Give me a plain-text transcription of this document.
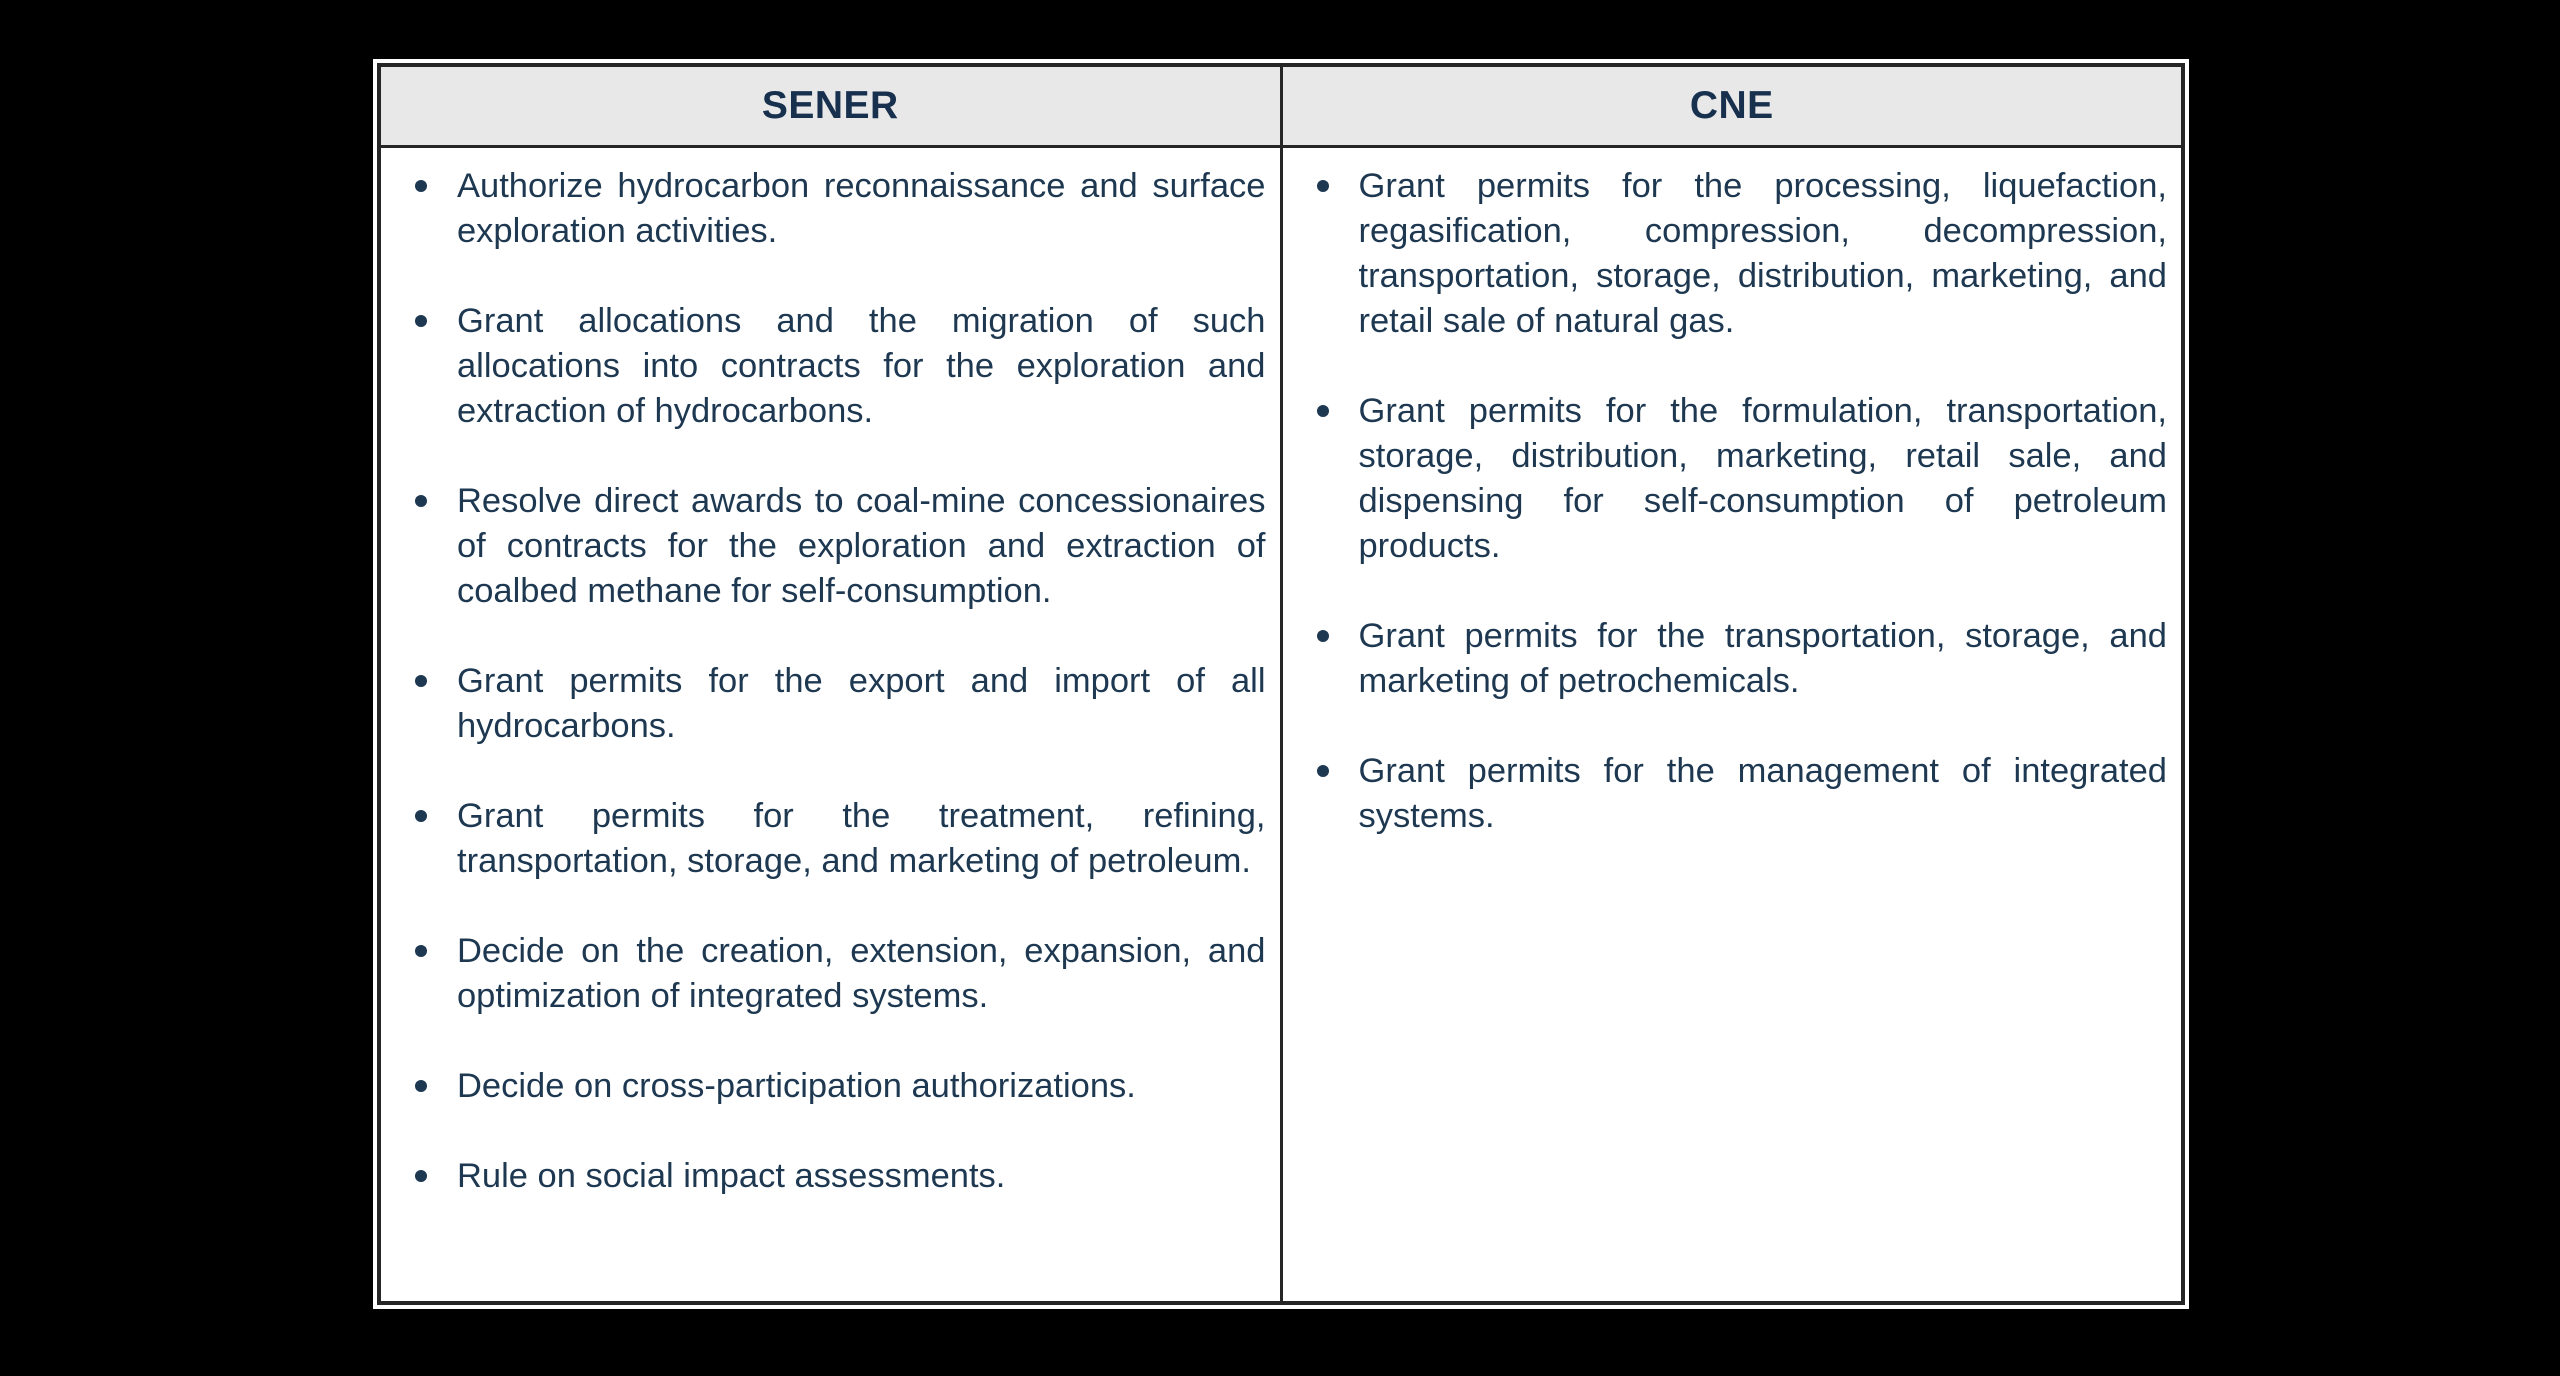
SENER	CNE
Authorize hydrocarbon reconnaissance and surface exploration activities.
Grant allocations and the migration of such allocations into contracts for the exploration and extraction of hydrocarbons.
Resolve direct awards to coal-mine concessionaires of contracts for the exploration and extraction of coalbed methane for self-consumption.
Grant permits for the export and import of all hydrocarbons.
Grant permits for the treatment, refining, transportation, storage, and marketing of petroleum.
Decide on the creation, extension, expansion, and optimization of integrated systems.
Decide on cross-participation authorizations.
Rule on social impact assessments.
Grant permits for the processing, liquefaction, regasification, compression, decompression, transportation, storage, distribution, marketing, and retail sale of natural gas.
Grant permits for the formulation, transportation, storage, distribution, marketing, retail sale, and dispensing for self-consumption of petroleum products.
Grant permits for the transportation, storage, and marketing of petrochemicals.
Grant permits for the management of integrated systems.
